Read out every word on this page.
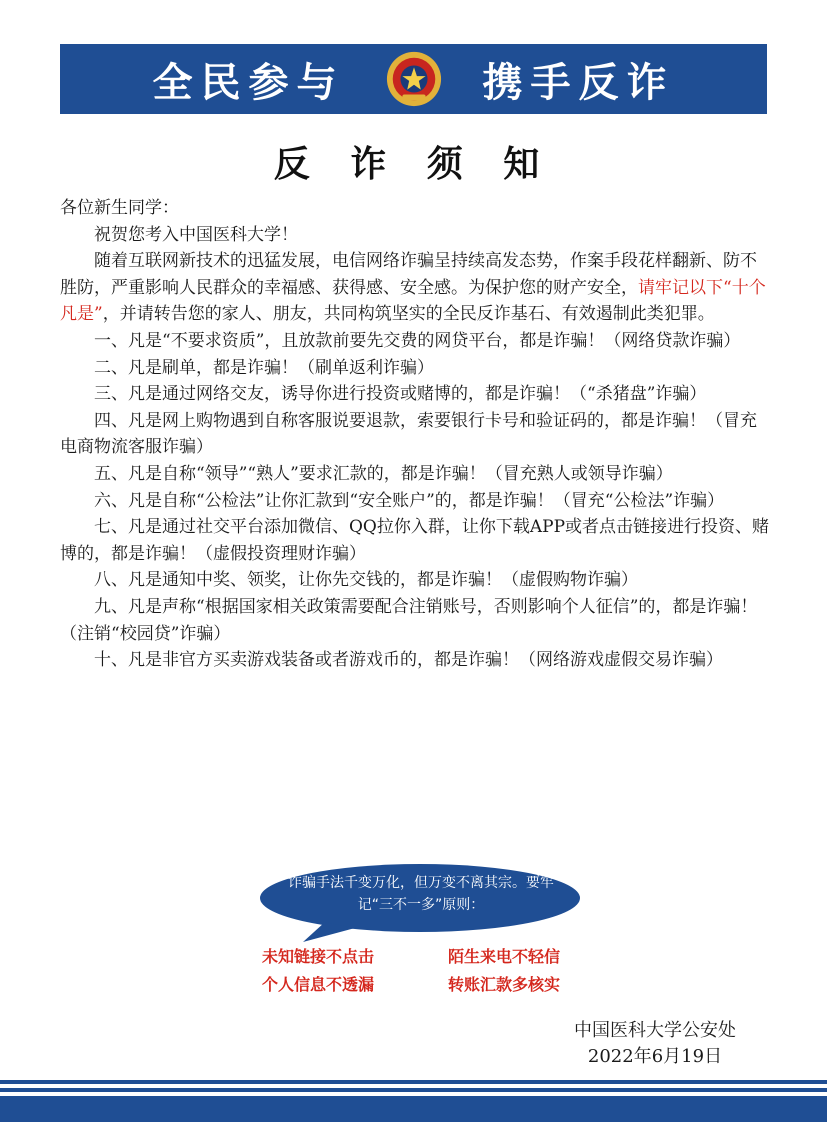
全民参与	携手反诈
反 诈 须 知

各位新生同学：

祝贺您考入中国医科大学！

随着互联网新技术的迅猛发展，电信网络诈骗呈持续高发态势，作案手段花样翻新、防不胜防，严重影响人民群众的幸福感、获得感、安全感。为保护您的财产安全，请牢记以下“十个凡是”，并请转告您的家人、朋友，共同构筑坚实的全民反诈基石、有效遏制此类犯罪。

一、凡是“不要求资质”，且放款前要先交费的网贷平台，都是诈骗！（网络贷款诈骗）

二、凡是刷单，都是诈骗！（刷单返利诈骗）

三、凡是通过网络交友，诱导你进行投资或赌博的，都是诈骗！（“杀猪盘”诈骗）

四、凡是网上购物遇到自称客服说要退款，索要银行卡号和验证码的，都是诈骗！（冒充电商物流客服诈骗）

五、凡是自称“领导”“熟人”要求汇款的，都是诈骗！（冒充熟人或领导诈骗）

六、凡是自称“公检法”让你汇款到“安全账户”的，都是诈骗！（冒充“公检法”诈骗）

七、凡是通过社交平台添加微信、QQ拉你入群，让你下载APP或者点击链接进行投资、赌博的，都是诈骗！（虚假投资理财诈骗）

八、凡是通知中奖、领奖，让你先交钱的，都是诈骗！（虚假购物诈骗）

九、凡是声称“根据国家相关政策需要配合注销账号，否则影响个人征信”的，都是诈骗！（注销“校园贷”诈骗）

十、凡是非官方买卖游戏装备或者游戏币的，都是诈骗！（网络游戏虚假交易诈骗）

诈骗手法千变万化，但万变不离其宗。要牢记“三不一多”原则：
未知链接不点击	陌生来电不轻信
个人信息不透漏	转账汇款多核实
中国医科大学公安处
2022年6月19日
